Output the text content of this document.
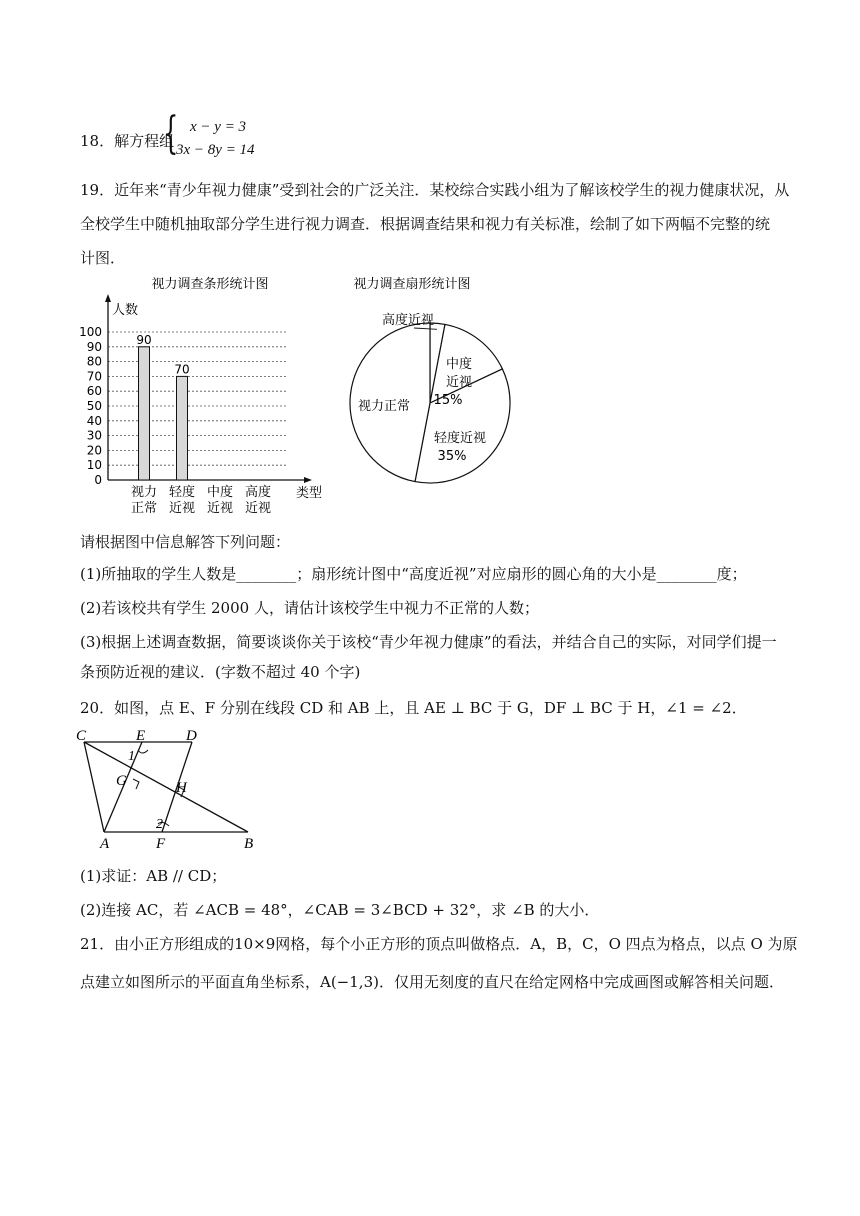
18．解方程组
{ x − y = 3
3x − 8y = 14
19．近年来“青少年视力健康”受到社会的广泛关注．某校综合实践小组为了解该校学生的视力健康状况，从
全校学生中随机抽取部分学生进行视力调查．根据调查结果和视力有关标准，绘制了如下两幅不完整的统
计图．
视力调查条形统计图
0
10
20
30
40
50
60
70
80
90
100
人数
类型
90
70
视力
正常
轻度
近视
中度
近视
高度
近视
视力调查扇形统计图
高度近视
中度
近视
15%
轻度近视
35%
视力正常
请根据图中信息解答下列问题：
(1)所抽取的学生人数是________；扇形统计图中“高度近视”对应扇形的圆心角的大小是________度；
(2)若该校共有学生 2000 人，请估计该校学生中视力不正常的人数；
(3)根据上述调查数据，简要谈谈你关于该校“青少年视力健康”的看法，并结合自己的实际，对同学们提一
条预防近视的建议．(字数不超过 40 个字)
20．如图，点 E、F 分别在线段 CD 和 AB 上，且 AE ⊥ BC 于 G，DF ⊥ BC 于 H，∠1 = ∠2．
C	E	D
1
G	H
2
A	F	B
(1)求证：AB // CD；
(2)连接 AC，若 ∠ACB = 48°，∠CAB = 3∠BCD + 32°，求 ∠B 的大小．
21．由小正方形组成的10×9网格，每个小正方形的顶点叫做格点．A，B，C，O 四点为格点，以点 O 为原
点建立如图所示的平面直角坐标系，A(−1,3)．仅用无刻度的直尺在给定网格中完成画图或解答相关问题．
